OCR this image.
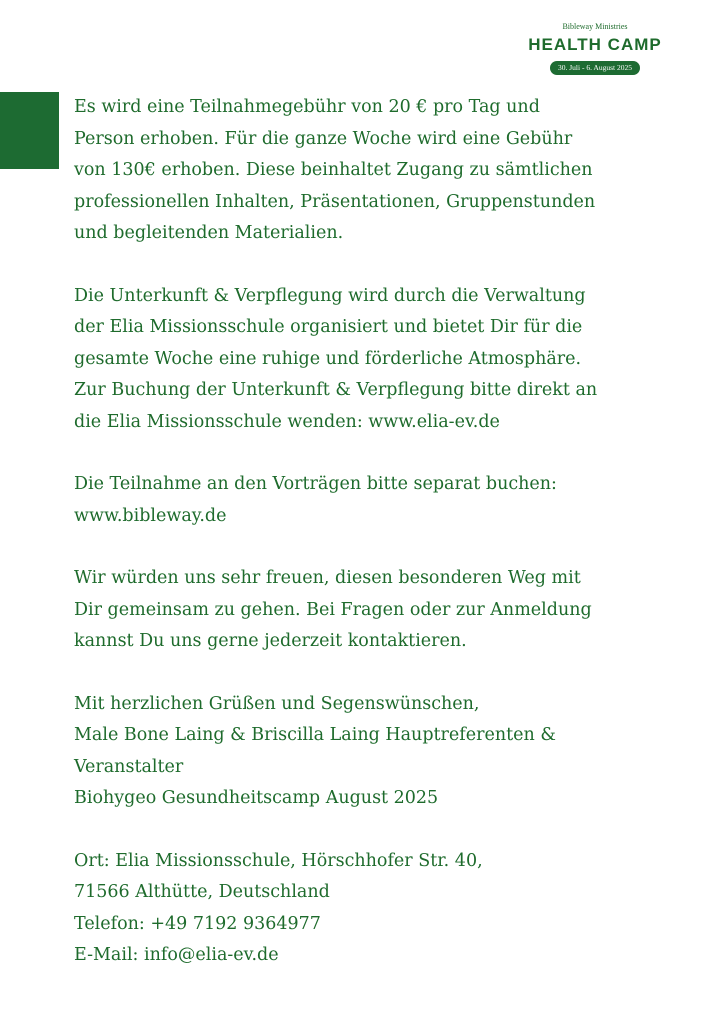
Bibleway Ministries
HEALTH CAMP
30. Juli - 6. August 2025

Es wird eine Teilnahmegebühr von 20 € pro Tag und
Person erhoben. Für die ganze Woche wird eine Gebühr
von 130€ erhoben. Diese beinhaltet Zugang zu sämtlichen
professionellen Inhalten, Präsentationen, Gruppenstunden
und begleitenden Materialien.

Die Unterkunft & Verpflegung wird durch die Verwaltung
der Elia Missionsschule organisiert und bietet Dir für die
gesamte Woche eine ruhige und förderliche Atmosphäre.
Zur Buchung der Unterkunft & Verpflegung bitte direkt an
die Elia Missionsschule wenden: www.elia-ev.de

Die Teilnahme an den Vorträgen bitte separat buchen:
www.bibleway.de

Wir würden uns sehr freuen, diesen besonderen Weg mit
Dir gemeinsam zu gehen. Bei Fragen oder zur Anmeldung
kannst Du uns gerne jederzeit kontaktieren.

Mit herzlichen Grüßen und Segenswünschen,
Male Bone Laing & Briscilla Laing Hauptreferenten &
Veranstalter
Biohygeo Gesundheitscamp August 2025

Ort: Elia Missionsschule, Hörschhofer Str. 40,
71566 Althütte, Deutschland
Telefon: +49 7192 9364977
E-Mail: info@elia-ev.de
